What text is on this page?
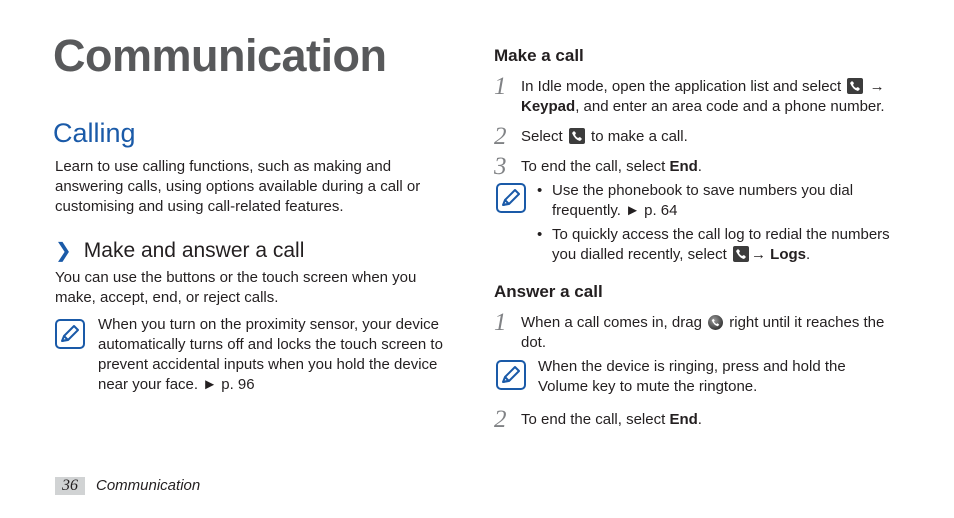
Communication
Calling

Learn to use calling functions, such as making and answering calls, using options available during a call or customising and using call-related features.

❯ Make and answer a call

You can use the buttons or the touch screen when you make, accept, end, or reject calls.

When you turn on the proximity sensor, your device automatically turns off and locks the touch screen to prevent accidental inputs when you hold the device near your face. ► p. 96

Make a call
1 In Idle mode, open the application list and select → Keypad, and enter an area code and a phone number.

2 Select to make a call.

3 To end the call, select End.

• Use the phonebook to save numbers you dial frequently. ► p. 64
• To quickly access the call log to redial the numbers you dialled recently, select → Logs.
Answer a call
1 When a call comes in, drag right until it reaches the dot.

When the device is ringing, press and hold the Volume key to mute the ringtone.

2 To end the call, select End.

36	Communication
